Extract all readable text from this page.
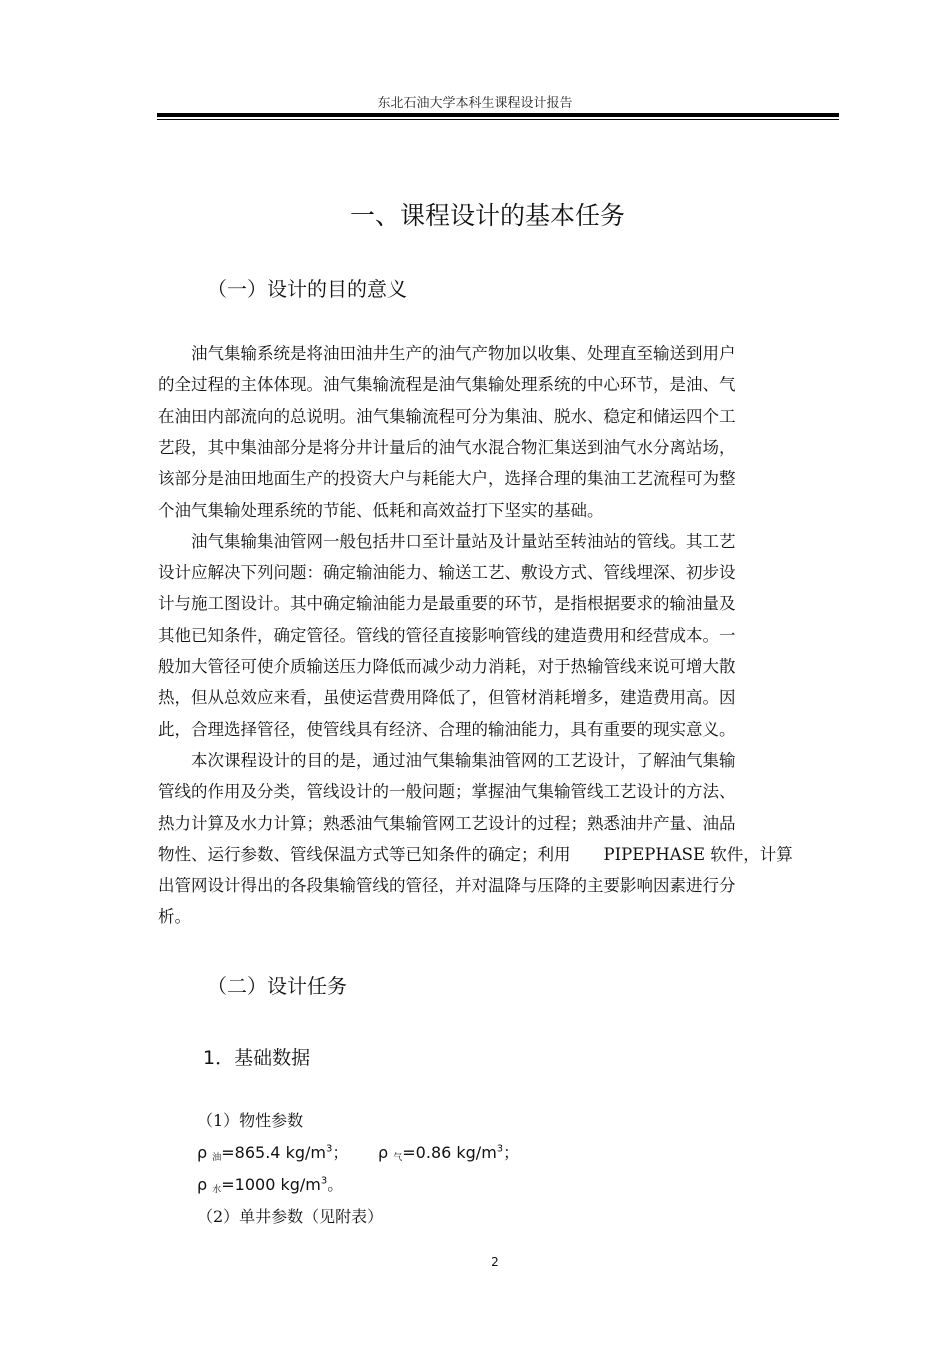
东北石油大学本科生课程设计报告
一、课程设计的基本任务
（一）设计的目的意义
　　油气集输系统是将油田油井生产的油气产物加以收集、处理直至输送到用户
的全过程的主体体现。油气集输流程是油气集输处理系统的中心环节，是油、气
在油田内部流向的总说明。油气集输流程可分为集油、脱水、稳定和储运四个工
艺段，其中集油部分是将分井计量后的油气水混合物汇集送到油气水分离站场，
该部分是油田地面生产的投资大户与耗能大户，选择合理的集油工艺流程可为整
个油气集输处理系统的节能、低耗和高效益打下坚实的基础。
　　油气集输集油管网一般包括井口至计量站及计量站至转油站的管线。其工艺
设计应解决下列问题：确定输油能力、输送工艺、敷设方式、管线埋深、初步设
计与施工图设计。其中确定输油能力是最重要的环节，是指根据要求的输油量及
其他已知条件，确定管径。管线的管径直接影响管线的建造费用和经营成本。一
般加大管径可使介质输送压力降低而减少动力消耗，对于热输管线来说可增大散
热，但从总效应来看，虽使运营费用降低了，但管材消耗增多，建造费用高。因
此，合理选择管径，使管线具有经济、合理的输油能力，具有重要的现实意义。
　　本次课程设计的目的是，通过油气集输集油管网的工艺设计，了解油气集输
管线的作用及分类，管线设计的一般问题；掌握油气集输管线工艺设计的方法、
热力计算及水力计算；熟悉油气集输管网工艺设计的过程；熟悉油井产量、油品
物性、运行参数、管线保温方式等已知条件的确定；利用　　PIPEPHASE 软件，计算
出管网设计得出的各段集输管线的管径，并对温降与压降的主要影响因素进行分
析。
（二）设计任务
1．基础数据
（1）物性参数
ρ $_油$=865.4 $kg/m^3$； ρ $_气$=0.86 $kg/m^3$；
ρ $_水$=1000 $kg/m^3$。
（2）单井参数（见附表）
2
